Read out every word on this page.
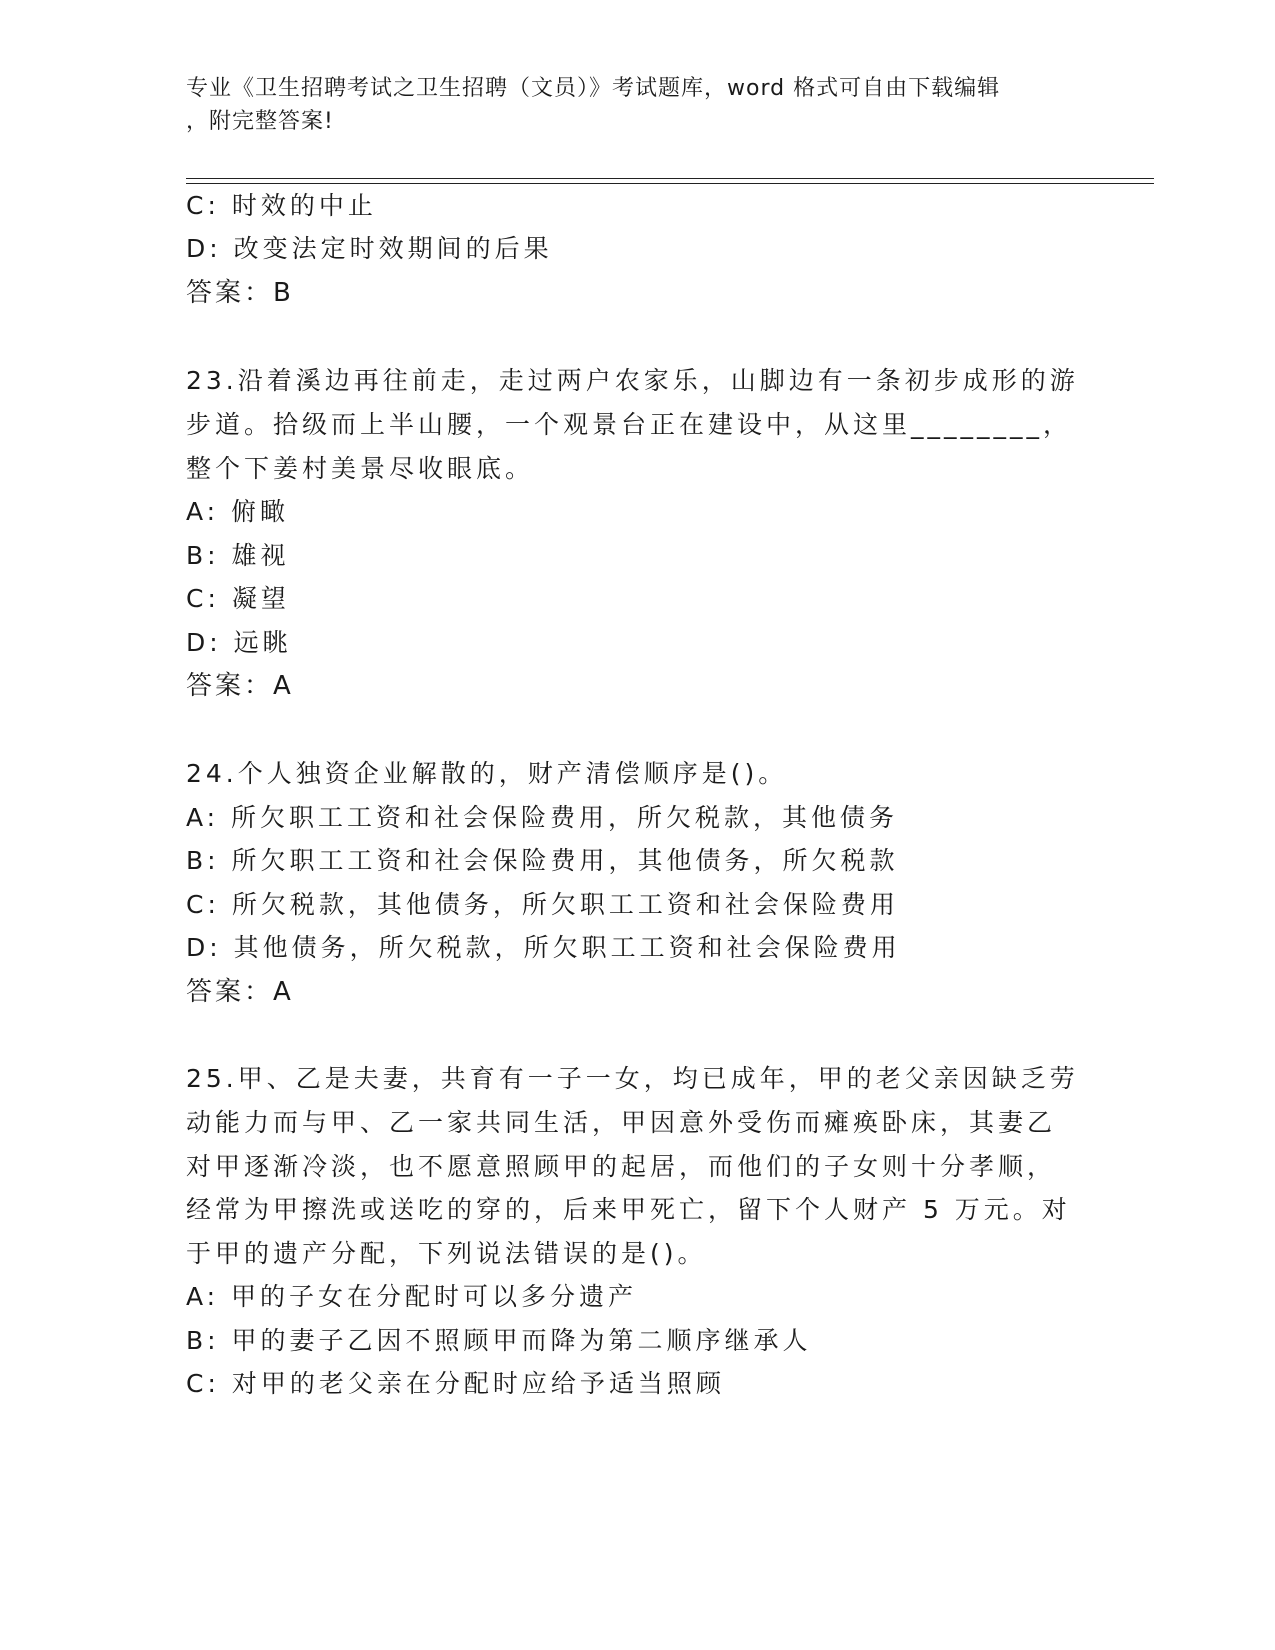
专业《卫生招聘考试之卫生招聘（文员）》考试题库，word 格式可自由下载编辑
，附完整答案!
C: 时效的中止
D: 改变法定时效期间的后果
答案：B
23.沿着溪边再往前走，走过两户农家乐，山脚边有一条初步成形的游
步道。拾级而上半山腰，一个观景台正在建设中，从这里________，
整个下姜村美景尽收眼底。
A: 俯瞰
B: 雄视
C: 凝望
D: 远眺
答案：A
24.个人独资企业解散的，财产清偿顺序是()。
A: 所欠职工工资和社会保险费用，所欠税款，其他债务
B: 所欠职工工资和社会保险费用，其他债务，所欠税款
C: 所欠税款，其他债务，所欠职工工资和社会保险费用
D: 其他债务，所欠税款，所欠职工工资和社会保险费用
答案：A
25.甲、乙是夫妻，共育有一子一女，均已成年，甲的老父亲因缺乏劳
动能力而与甲、乙一家共同生活，甲因意外受伤而瘫痪卧床，其妻乙
对甲逐渐冷淡，也不愿意照顾甲的起居，而他们的子女则十分孝顺，
经常为甲擦洗或送吃的穿的，后来甲死亡，留下个人财产 5 万元。对
于甲的遗产分配，下列说法错误的是()。
A: 甲的子女在分配时可以多分遗产
B: 甲的妻子乙因不照顾甲而降为第二顺序继承人
C: 对甲的老父亲在分配时应给予适当照顾
